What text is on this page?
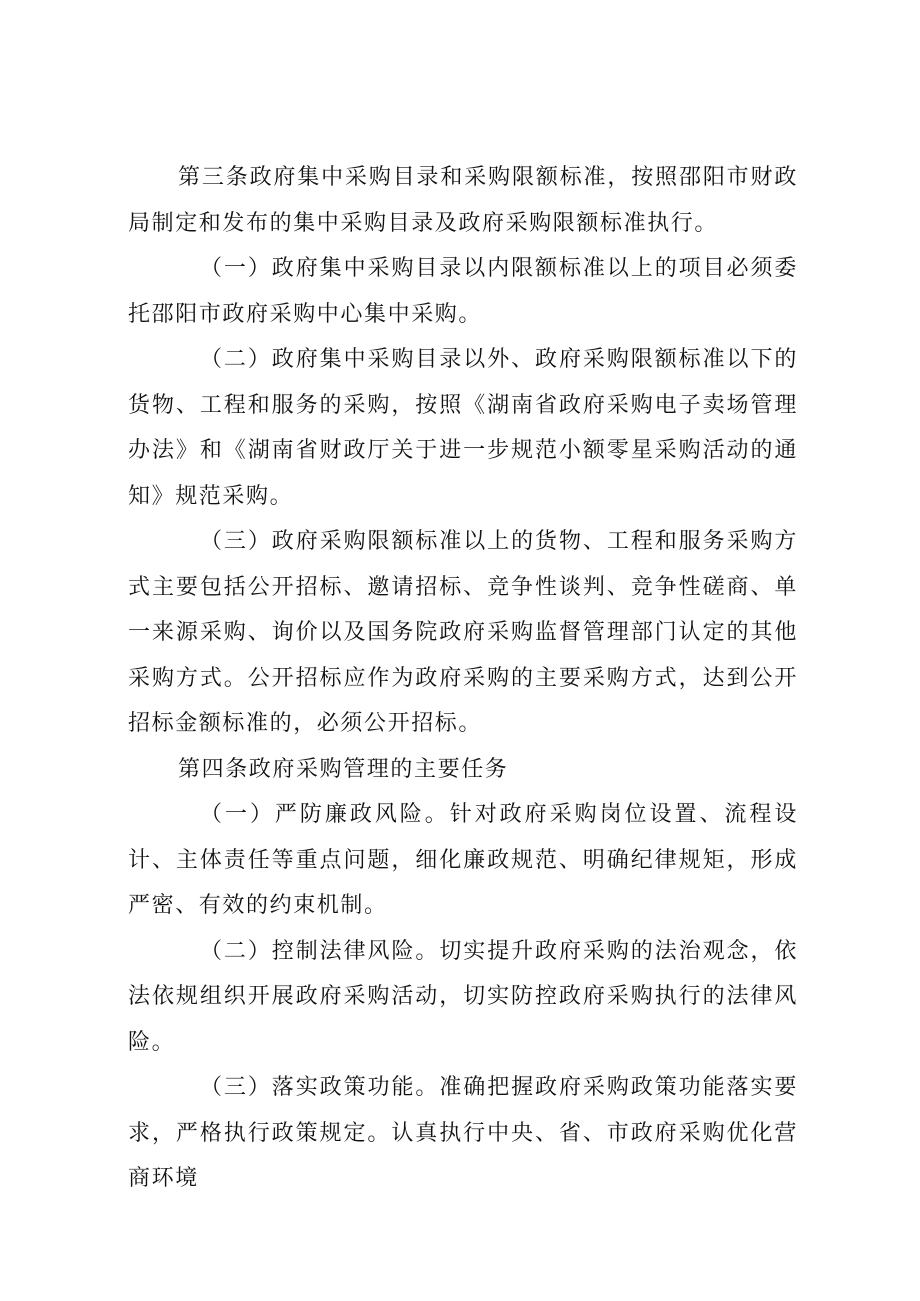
第三条政府集中采购目录和采购限额标准，按照邵阳市财政局制定和发布的集中采购目录及政府采购限额标准执行。

（一）政府集中采购目录以内限额标准以上的项目必须委托邵阳市政府采购中心集中采购。

（二）政府集中采购目录以外、政府采购限额标准以下的货物、工程和服务的采购，按照《湖南省政府采购电子卖场管理办法》和《湖南省财政厅关于进一步规范小额零星采购活动的通知》规范采购。

（三）政府采购限额标准以上的货物、工程和服务采购方式主要包括公开招标、邀请招标、竞争性谈判、竞争性磋商、单一来源采购、询价以及国务院政府采购监督管理部门认定的其他采购方式。公开招标应作为政府采购的主要采购方式，达到公开招标金额标准的，必须公开招标。

第四条政府采购管理的主要任务

（一）严防廉政风险。针对政府采购岗位设置、流程设计、主体责任等重点问题，细化廉政规范、明确纪律规矩，形成严密、有效的约束机制。

（二）控制法律风险。切实提升政府采购的法治观念，依法依规组织开展政府采购活动，切实防控政府采购执行的法律风险。

（三）落实政策功能。准确把握政府采购政策功能落实要求，严格执行政策规定。认真执行中央、省、市政府采购优化营商环境
